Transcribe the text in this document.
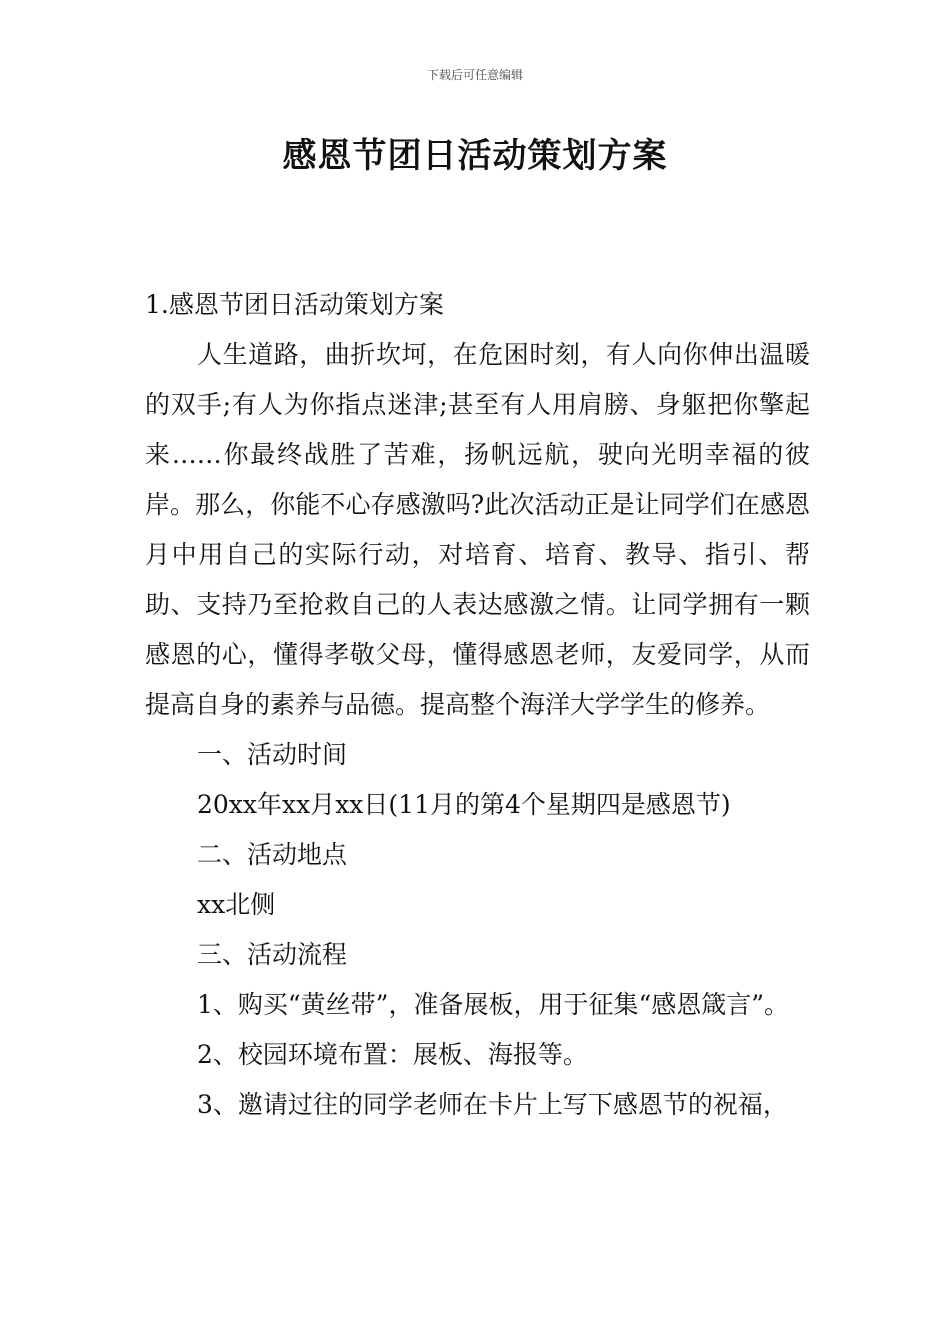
下载后可任意编辑
感恩节团日活动策划方案

1.感恩节团日活动策划方案

人生道路，曲折坎坷，在危困时刻，有人向你伸出温暖的双手;有人为你指点迷津;甚至有人用肩膀、身躯把你擎起来……你最终战胜了苦难，扬帆远航，驶向光明幸福的彼岸。那么，你能不心存感激吗?此次活动正是让同学们在感恩月中用自己的实际行动，对培育、培育、教导、指引、帮助、支持乃至抢救自己的人表达感激之情。让同学拥有一颗感恩的心，懂得孝敬父母，懂得感恩老师，友爱同学，从而提高自身的素养与品德。提高整个海洋大学学生的修养。

一、活动时间

20xx年xx月xx日(11月的第4个星期四是感恩节)

二、活动地点

xx北侧

三、活动流程

1、购买“黄丝带”，准备展板，用于征集“感恩箴言”。

2、校园环境布置：展板、海报等。

3、邀请过往的同学老师在卡片上写下感恩节的祝福，
